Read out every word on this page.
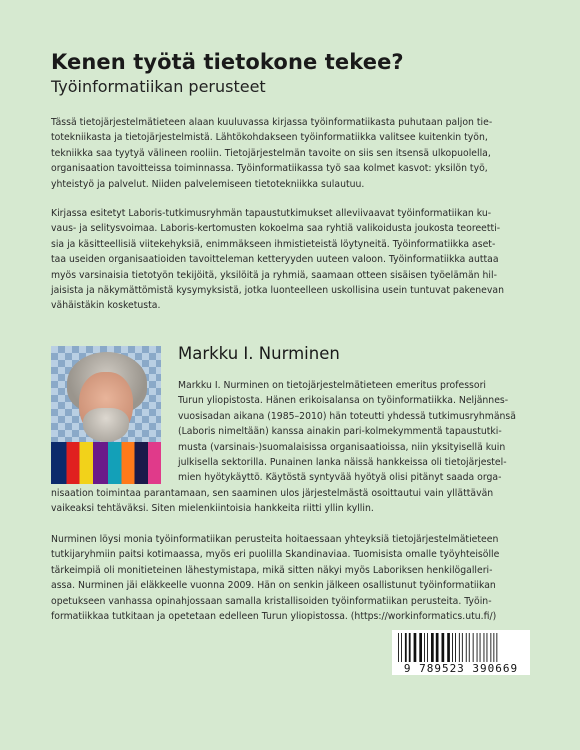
Kenen työtä tietokone tekee?
Työinformatiikan perusteet
Tässä tietojärjestelmätieteen alaan kuuluvassa kirjassa työinformatiikasta puhutaan paljon tie-
totekniikasta ja tietojärjestelmistä. Lähtökohdakseen työinformatiikka valitsee kuitenkin työn,
tekniikka saa tyytyä välineen rooliin. Tietojärjestelmän tavoite on siis sen itsensä ulkopuolella,
organisaation tavoitteissa toiminnassa. Työinformatiikassa työ saa kolmet kasvot: yksilön työ,
yhteistyö ja palvelut. Niiden palvelemiseen tietotekniikka sulautuu.
Kirjassa esitetyt Laboris-tutkimusryhmän tapaustutkimukset alleviivaavat työinformatiikan ku-
vaus- ja selitysvoimaa. Laboris-kertomusten kokoelma saa ryhtiä valikoidusta joukosta teoreetti-
sia ja käsitteellisiä viitekehyksiä, enimmäkseen ihmistieteistä löytyneitä. Työinformatiikka aset-
taa useiden organisaatioiden tavoitteleman ketteryyden uuteen valoon. Työinformatiikka auttaa
myös varsinaisia tietotyön tekijöitä, yksilöitä ja ryhmiä, saamaan otteen sisäisen työelämän hil-
jaisista ja näkymättömistä kysymyksistä, jotka luonteelleen uskollisina usein tuntuvat pakenevan
vähäistäkin kosketusta.
Markku I. Nurminen
Markku I. Nurminen on tietojärjestelmätieteen emeritus professori
Turun yliopistosta. Hänen erikoisalansa on työinformatiikka. Neljännes-
vuosisadan aikana (1985–2010) hän toteutti yhdessä tutkimusryhmänsä
(Laboris nimeltään) kanssa ainakin pari-kolmekymmentä tapaustutki-
musta (varsinais-)suomalaisissa organisaatioissa, niin yksityisellä kuin
julkisella sektorilla. Punainen lanka näissä hankkeissa oli tietojärjestel-
mien hyötykäyttö. Käytöstä syntyvää hyötyä olisi pitänyt saada orga-
nisaation toimintaa parantamaan, sen saaminen ulos järjestelmästä osoittautui vain yllättävän
vaikeaksi tehtäväksi. Siten mielenkiintoisia hankkeita riitti yllin kyllin.
Nurminen löysi monia työinformatiikan perusteita hoitaessaan yhteyksiä tietojärjestelmätieteen
tutkijaryhmiin paitsi kotimaassa, myös eri puolilla Skandinaviaa. Tuomisista omalle työyhteisölle
tärkeimpiä oli monitieteinen lähestymistapa, mikä sitten näkyi myös Laboriksen henkilögalleri-
assa. Nurminen jäi eläkkeelle vuonna 2009. Hän on senkin jälkeen osallistunut työinformatiikan
opetukseen vanhassa opinahjossaan samalla kristallisoiden työinformatiikan perusteita. Työin-
formatiikkaa tutkitaan ja opetetaan edelleen Turun yliopistossa. (https://workinformatics.utu.fi/)
9 789523 390669
